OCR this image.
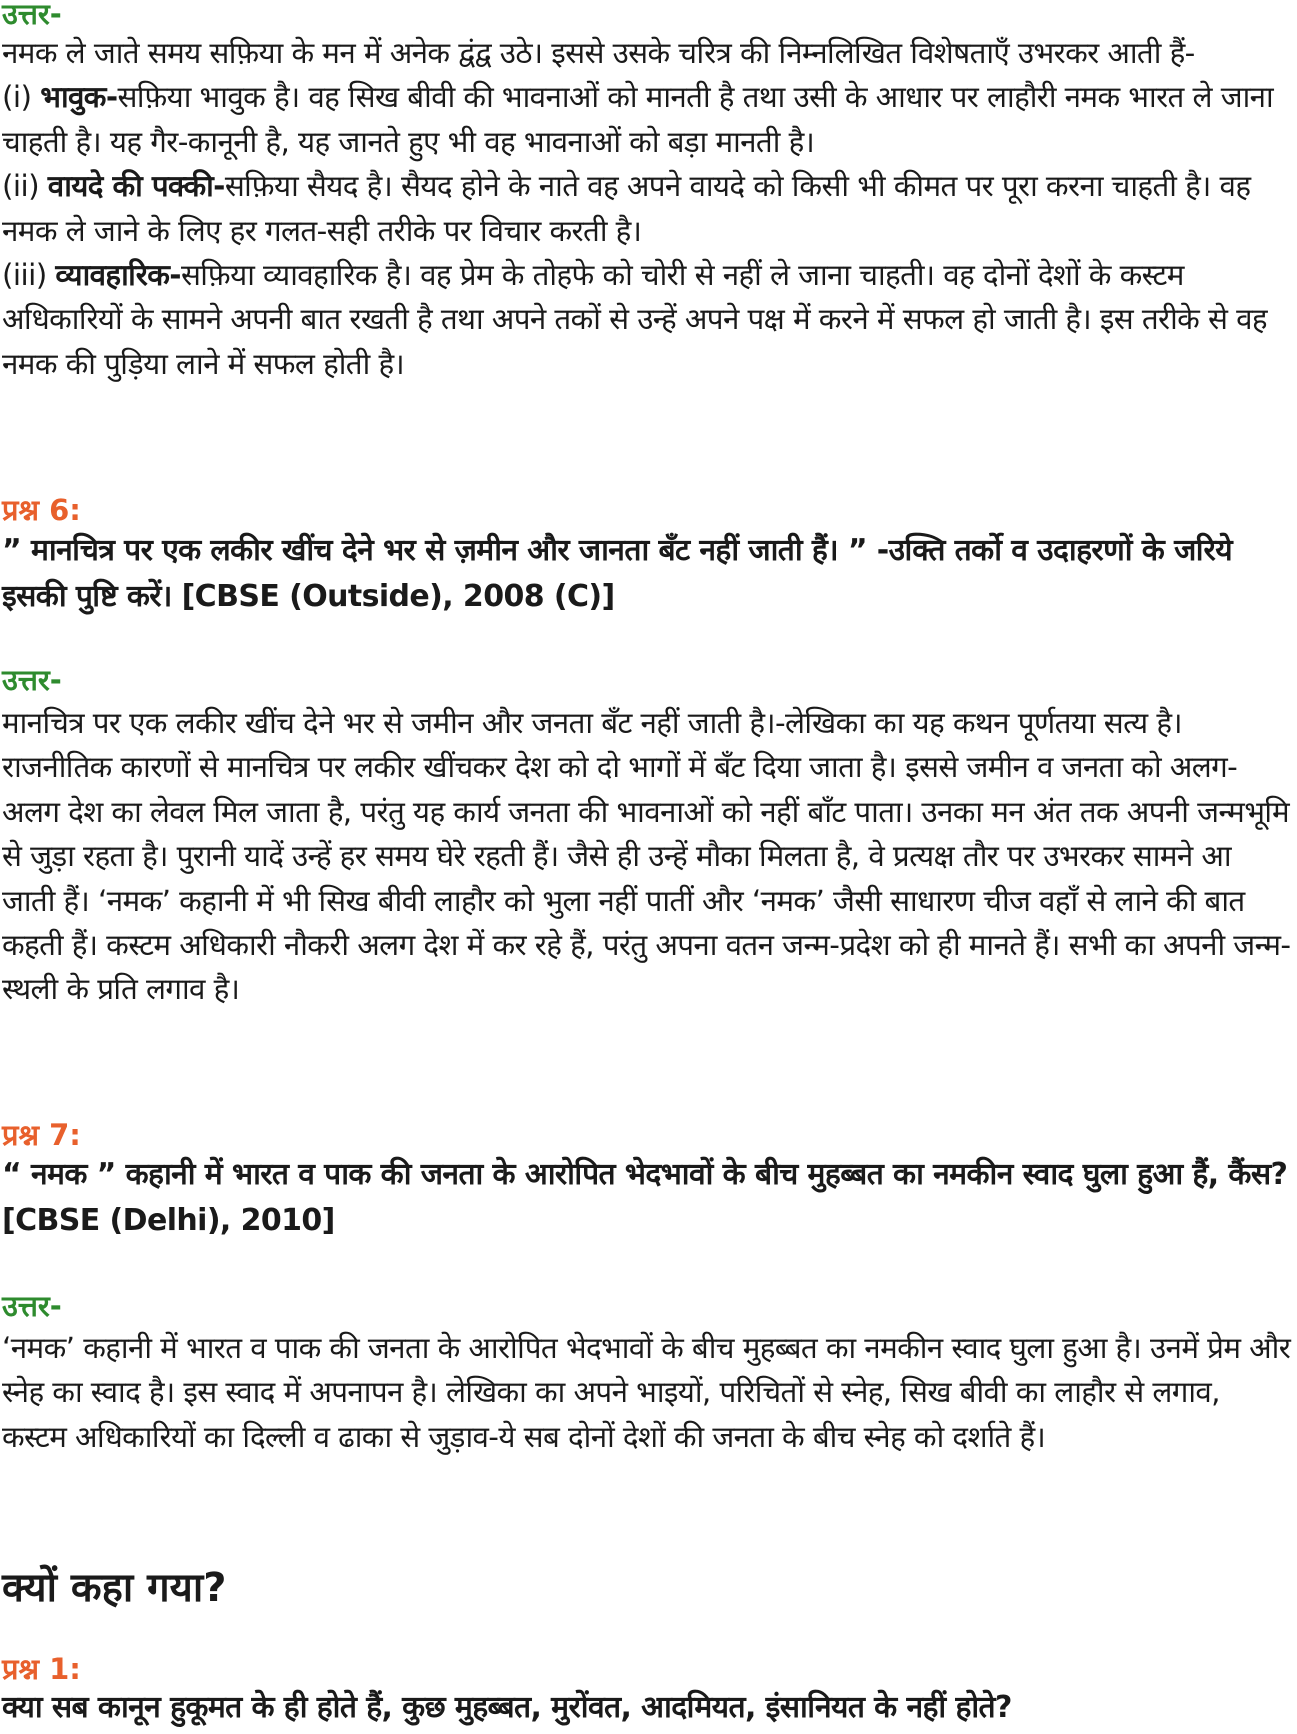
उत्तर-
नमक ले जाते समय सफ़िया के मन में अनेक द्वंद्व उठे। इससे उसके चरित्र की निम्नलिखित विशेषताएँ उभरकर आती हैं-
(i) भावुक-सफ़िया भावुक है। वह सिख बीवी की भावनाओं को मानती है तथा उसी के आधार पर लाहौरी नमक भारत ले जाना चाहती है। यह गैर-कानूनी है, यह जानते हुए भी वह भावनाओं को बड़ा मानती है।
(ii) वायदे की पक्की-सफ़िया सैयद है। सैयद होने के नाते वह अपने वायदे को किसी भी कीमत पर पूरा करना चाहती है। वह नमक ले जाने के लिए हर गलत-सही तरीके पर विचार करती है।
(iii) व्यावहारिक-सफ़िया व्यावहारिक है। वह प्रेम के तोहफे को चोरी से नहीं ले जाना चाहती। वह दोनों देशों के कस्टम अधिकारियों के सामने अपनी बात रखती है तथा अपने तकों से उन्हें अपने पक्ष में करने में सफल हो जाती है। इस तरीके से वह नमक की पुड़िया लाने में सफल होती है।
प्रश्न 6:
” मानचित्र पर एक लकीर खींच देने भर से ज़मीन और जानता बँट नहीं जाती हैं। ” -उक्ति तर्को व उदाहरणों के जरिये इसकी पुष्टि करें। [CBSE (Outside), 2008 (C)]
उत्तर-
मानचित्र पर एक लकीर खींच देने भर से जमीन और जनता बँट नहीं जाती है।-लेखिका का यह कथन पूर्णतया सत्य है। राजनीतिक कारणों से मानचित्र पर लकीर खींचकर देश को दो भागों में बँट दिया जाता है। इससे जमीन व जनता को अलग-अलग देश का लेवल मिल जाता है, परंतु यह कार्य जनता की भावनाओं को नहीं बाँट पाता। उनका मन अंत तक अपनी जन्मभूमि से जुड़ा रहता है। पुरानी यादें उन्हें हर समय घेरे रहती हैं। जैसे ही उन्हें मौका मिलता है, वे प्रत्यक्ष तौर पर उभरकर सामने आ जाती हैं। ‘नमक’ कहानी में भी सिख बीवी लाहौर को भुला नहीं पातीं और ‘नमक’ जैसी साधारण चीज वहाँ से लाने की बात कहती हैं। कस्टम अधिकारी नौकरी अलग देश में कर रहे हैं, परंतु अपना वतन जन्म-प्रदेश को ही मानते हैं। सभी का अपनी जन्म-स्थली के प्रति लगाव है।
प्रश्न 7:
“ नमक ” कहानी में भारत व पाक की जनता के आरोपित भेदभावों के बीच मुहब्बत का नमकीन स्वाद घुला हुआ हैं, कैंस? [CBSE (Delhi), 2010]
उत्तर-
‘नमक’ कहानी में भारत व पाक की जनता के आरोपित भेदभावों के बीच मुहब्बत का नमकीन स्वाद घुला हुआ है। उनमें प्रेम और स्नेह का स्वाद है। इस स्वाद में अपनापन है। लेखिका का अपने भाइयों, परिचितों से स्नेह, सिख बीवी का लाहौर से लगाव, कस्टम अधिकारियों का दिल्ली व ढाका से जुड़ाव-ये सब दोनों देशों की जनता के बीच स्नेह को दर्शाते हैं।
क्यों कहा गया?
प्रश्न 1:
क्या सब कानून हुकूमत के ही होते हैं, कुछ मुहब्बत, मुरोंवत, आदमियत, इंसानियत के नहीं होते?
